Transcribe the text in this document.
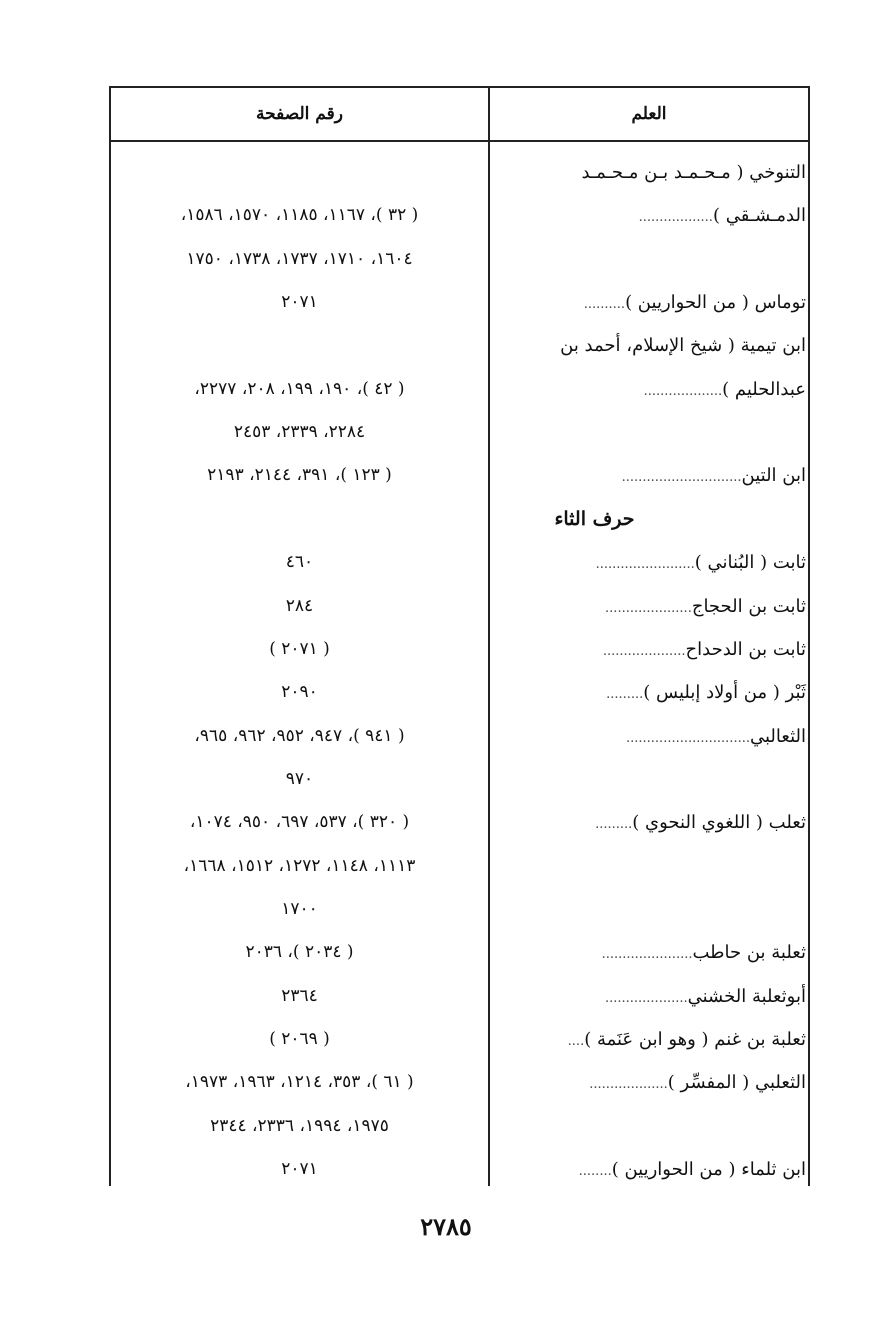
العلم
رقم الصفحة
التنوخي ( مـحـمـد بـن مـحـمـد
الدمـشـقي )..................
( ٣٢ )، ١١٦٧، ١١٨٥، ١٥٧٠، ١٥٨٦،
١٦٠٤، ١٧١٠، ١٧٣٧، ١٧٣٨، ١٧٥٠
توماس ( من الحواريين )..........
٢٠٧١
ابن تيمية ( شيخ الإسلام، أحمد بن
عبدالحليم )...................
( ٤٢ )، ١٩٠، ١٩٩، ٢٠٨، ٢٢٧٧،
٢٢٨٤، ٢٣٣٩، ٢٤٥٣
ابن التين.............................
( ١٢٣ )، ٣٩١، ٢١٤٤، ٢١٩٣
حرف الثاء
ثابت ( البُناني )........................
٤٦٠
ثابت بن الحجاج.....................
٢٨٤
ثابت بن الدحداح....................
( ٢٠٧١ )
ثَبْر ( من أولاد إبليس ).........
٢٠٩٠
الثعالبي..............................
( ٩٤١ )، ٩٤٧، ٩٥٢، ٩٦٢، ٩٦٥،
٩٧٠
ثعلب ( اللغوي النحوي ).........
( ٣٢٠ )، ٥٣٧، ٦٩٧، ٩٥٠، ١٠٧٤،
١١١٣، ١١٤٨، ١٢٧٢، ١٥١٢، ١٦٦٨،
١٧٠٠
ثعلبة بن حاطب......................
( ٢٠٣٤ )، ٢٠٣٦
أبوثعلبة الخشني....................
٢٣٦٤
ثعلبة بن غنم ( وهو ابن عَنَمة )....
( ٢٠٦٩ )
الثعلبي ( المفسِّر )...................
( ٦١ )، ٣٥٣، ١٢١٤، ١٩٦٣، ١٩٧٣،
١٩٧٥، ١٩٩٤، ٢٣٣٦، ٢٣٤٤
ابن ثلماء ( من الحواريين )........
٢٠٧١
٢٧٨٥
